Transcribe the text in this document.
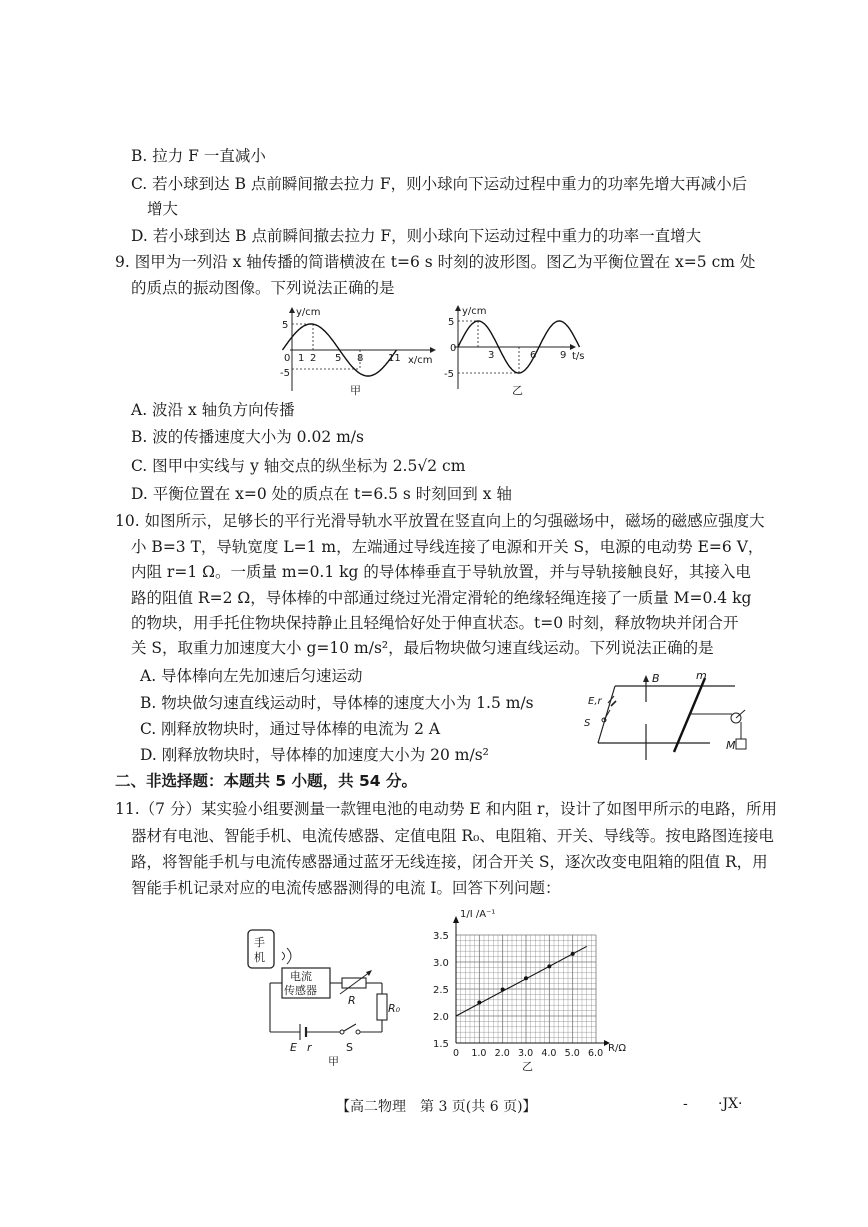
B. 拉力 F 一直减小
C. 若小球到达 B 点前瞬间撤去拉力 F，则小球向下运动过程中重力的功率先增大再减小后
增大
D. 若小球到达 B 点前瞬间撤去拉力 F，则小球向下运动过程中重力的功率一直增大
9. 图甲为一列沿 x 轴传播的简谐横波在 t=6 s 时刻的波形图。图乙为平衡位置在 x=5 cm 处
的质点的振动图像。下列说法正确的是
y/cm
x/cm
5
0
-5
1 2 5 8 11
甲
y/cm
t/s
5
0
-5
3	6 9
乙
A. 波沿 x 轴负方向传播
B. 波的传播速度大小为 0.02 m/s
C. 图甲中实线与 y 轴交点的纵坐标为 2.5√2 cm
D. 平衡位置在 x=0 处的质点在 t=6.5 s 时刻回到 x 轴
10. 如图所示，足够长的平行光滑导轨水平放置在竖直向上的匀强磁场中，磁场的磁感应强度大
小 B=3 T，导轨宽度 L=1 m，左端通过导线连接了电源和开关 S，电源的电动势 E=6 V，
内阻 r=1 Ω。一质量 m=0.1 kg 的导体棒垂直于导轨放置，并与导轨接触良好，其接入电
路的阻值 R=2 Ω，导体棒的中部通过绕过光滑定滑轮的绝缘轻绳连接了一质量 M=0.4 kg
的物块，用手托住物块保持静止且轻绳恰好处于伸直状态。t=0 时刻，释放物块并闭合开
关 S，取重力加速度大小 g=10 m/s²，最后物块做匀速直线运动。下列说法正确的是
A. 导体棒向左先加速后匀速运动
B. 物块做匀速直线运动时，导体棒的速度大小为 1.5 m/s
C. 刚释放物块时，通过导体棒的电流为 2 A
D. 刚释放物块时，导体棒的加速度大小为 20 m/s²
B	m
M
E,r
S
二、非选择题：本题共 5 小题，共 54 分。
11.（7 分）某实验小组要测量一款锂电池的电动势 E 和内阻 r，设计了如图甲所示的电路，所用
器材有电池、智能手机、电流传感器、定值电阻 R₀、电阻箱、开关、导线等。按电路图连接电
路，将智能手机与电流传感器通过蓝牙无线连接，闭合开关 S，逐次改变电阻箱的阻值 R，用
智能手机记录对应的电流传感器测得的电流 I。回答下列问题：
手
机
电流
传感器
R
R₀
E r	S
甲
1.5
2.0
2.5
3.0
3.5
0 1.0 2.0 3.0 4.0 5.0 6.0
1/I /A⁻¹
R/Ω
乙
【高二物理　第 3 页(共 6 页)】	- ·JX·
